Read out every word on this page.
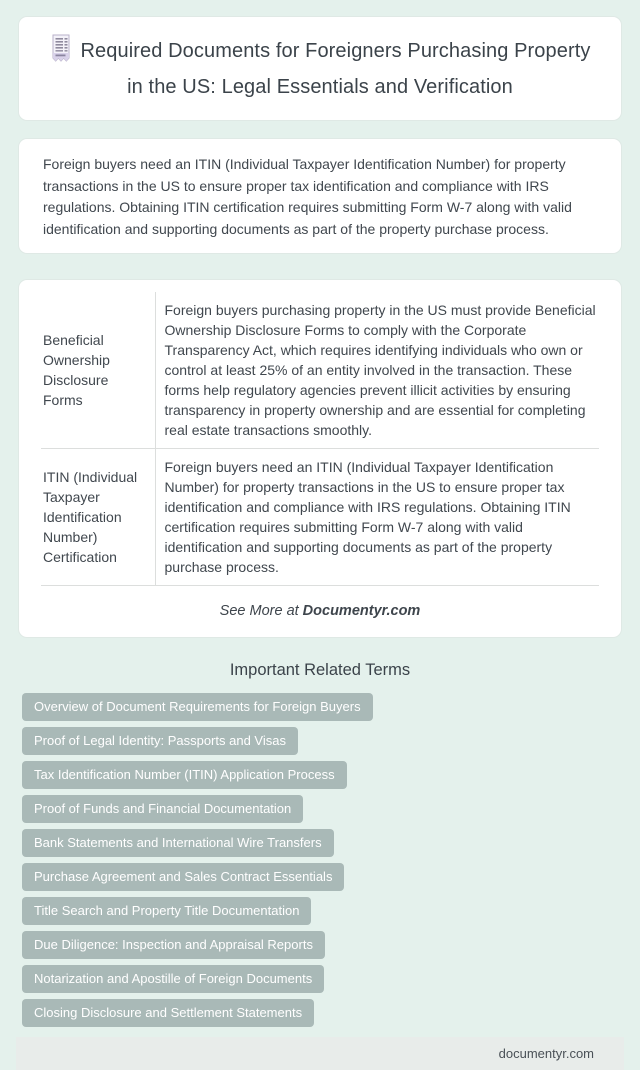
Required Documents for Foreigners Purchasing Property in the US: Legal Essentials and Verification

Foreign buyers need an ITIN (Individual Taxpayer Identification Number) for property transactions in the US to ensure proper tax identification and compliance with IRS regulations. Obtaining ITIN certification requires submitting Form W-7 along with valid identification and supporting documents as part of the property purchase process.

Beneficial Ownership Disclosure Forms	Foreign buyers purchasing property in the US must provide Beneficial Ownership Disclosure Forms to comply with the Corporate Transparency Act, which requires identifying individuals who own or control at least 25% of an entity involved in the transaction. These forms help regulatory agencies prevent illicit activities by ensuring transparency in property ownership and are essential for completing real estate transactions smoothly.
ITIN (Individual Taxpayer Identification Number) Certification	Foreign buyers need an ITIN (Individual Taxpayer Identification Number) for property transactions in the US to ensure proper tax identification and compliance with IRS regulations. Obtaining ITIN certification requires submitting Form W-7 along with valid identification and supporting documents as part of the property purchase process.
See More at Documentyr.com
Important Related Terms
Overview of Document Requirements for Foreign Buyers
Proof of Legal Identity: Passports and Visas
Tax Identification Number (ITIN) Application Process
Proof of Funds and Financial Documentation
Bank Statements and International Wire Transfers
Purchase Agreement and Sales Contract Essentials
Title Search and Property Title Documentation
Due Diligence: Inspection and Appraisal Reports
Notarization and Apostille of Foreign Documents
Closing Disclosure and Settlement Statements
documentyr.com
